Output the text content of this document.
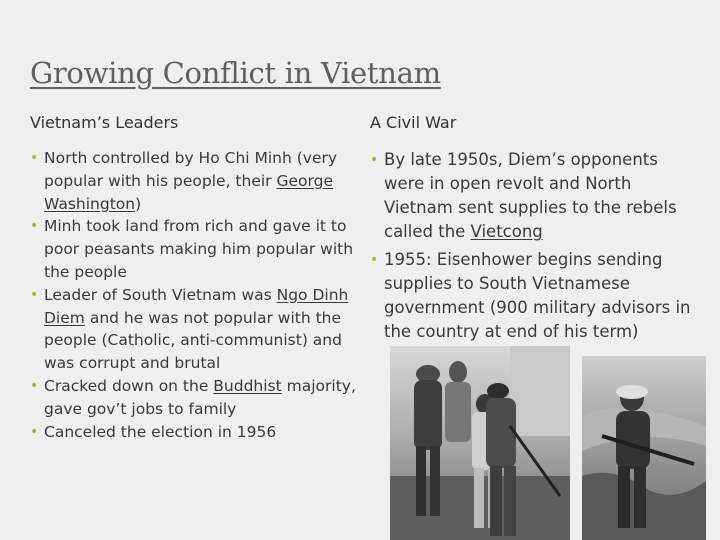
Growing Conflict in Vietnam
Vietnam’s Leaders	A Civil War
• North controlled by Ho Chi Minh (very popular with his people, their George Washington)
• Minh took land from rich and gave it to poor peasants making him popular with the people
• Leader of South Vietnam was Ngo Dinh Diem and he was not popular with the people (Catholic, anti-communist) and was corrupt and brutal
• Cracked down on the Buddhist majority, gave gov’t jobs to family
• Canceled the election in 1956
• By late 1950s, Diem’s opponents were in open revolt and North Vietnam sent supplies to the rebels called the Vietcong
• 1955: Eisenhower begins sending supplies to South Vietnamese government (900 military advisors in the country at end of his term)
